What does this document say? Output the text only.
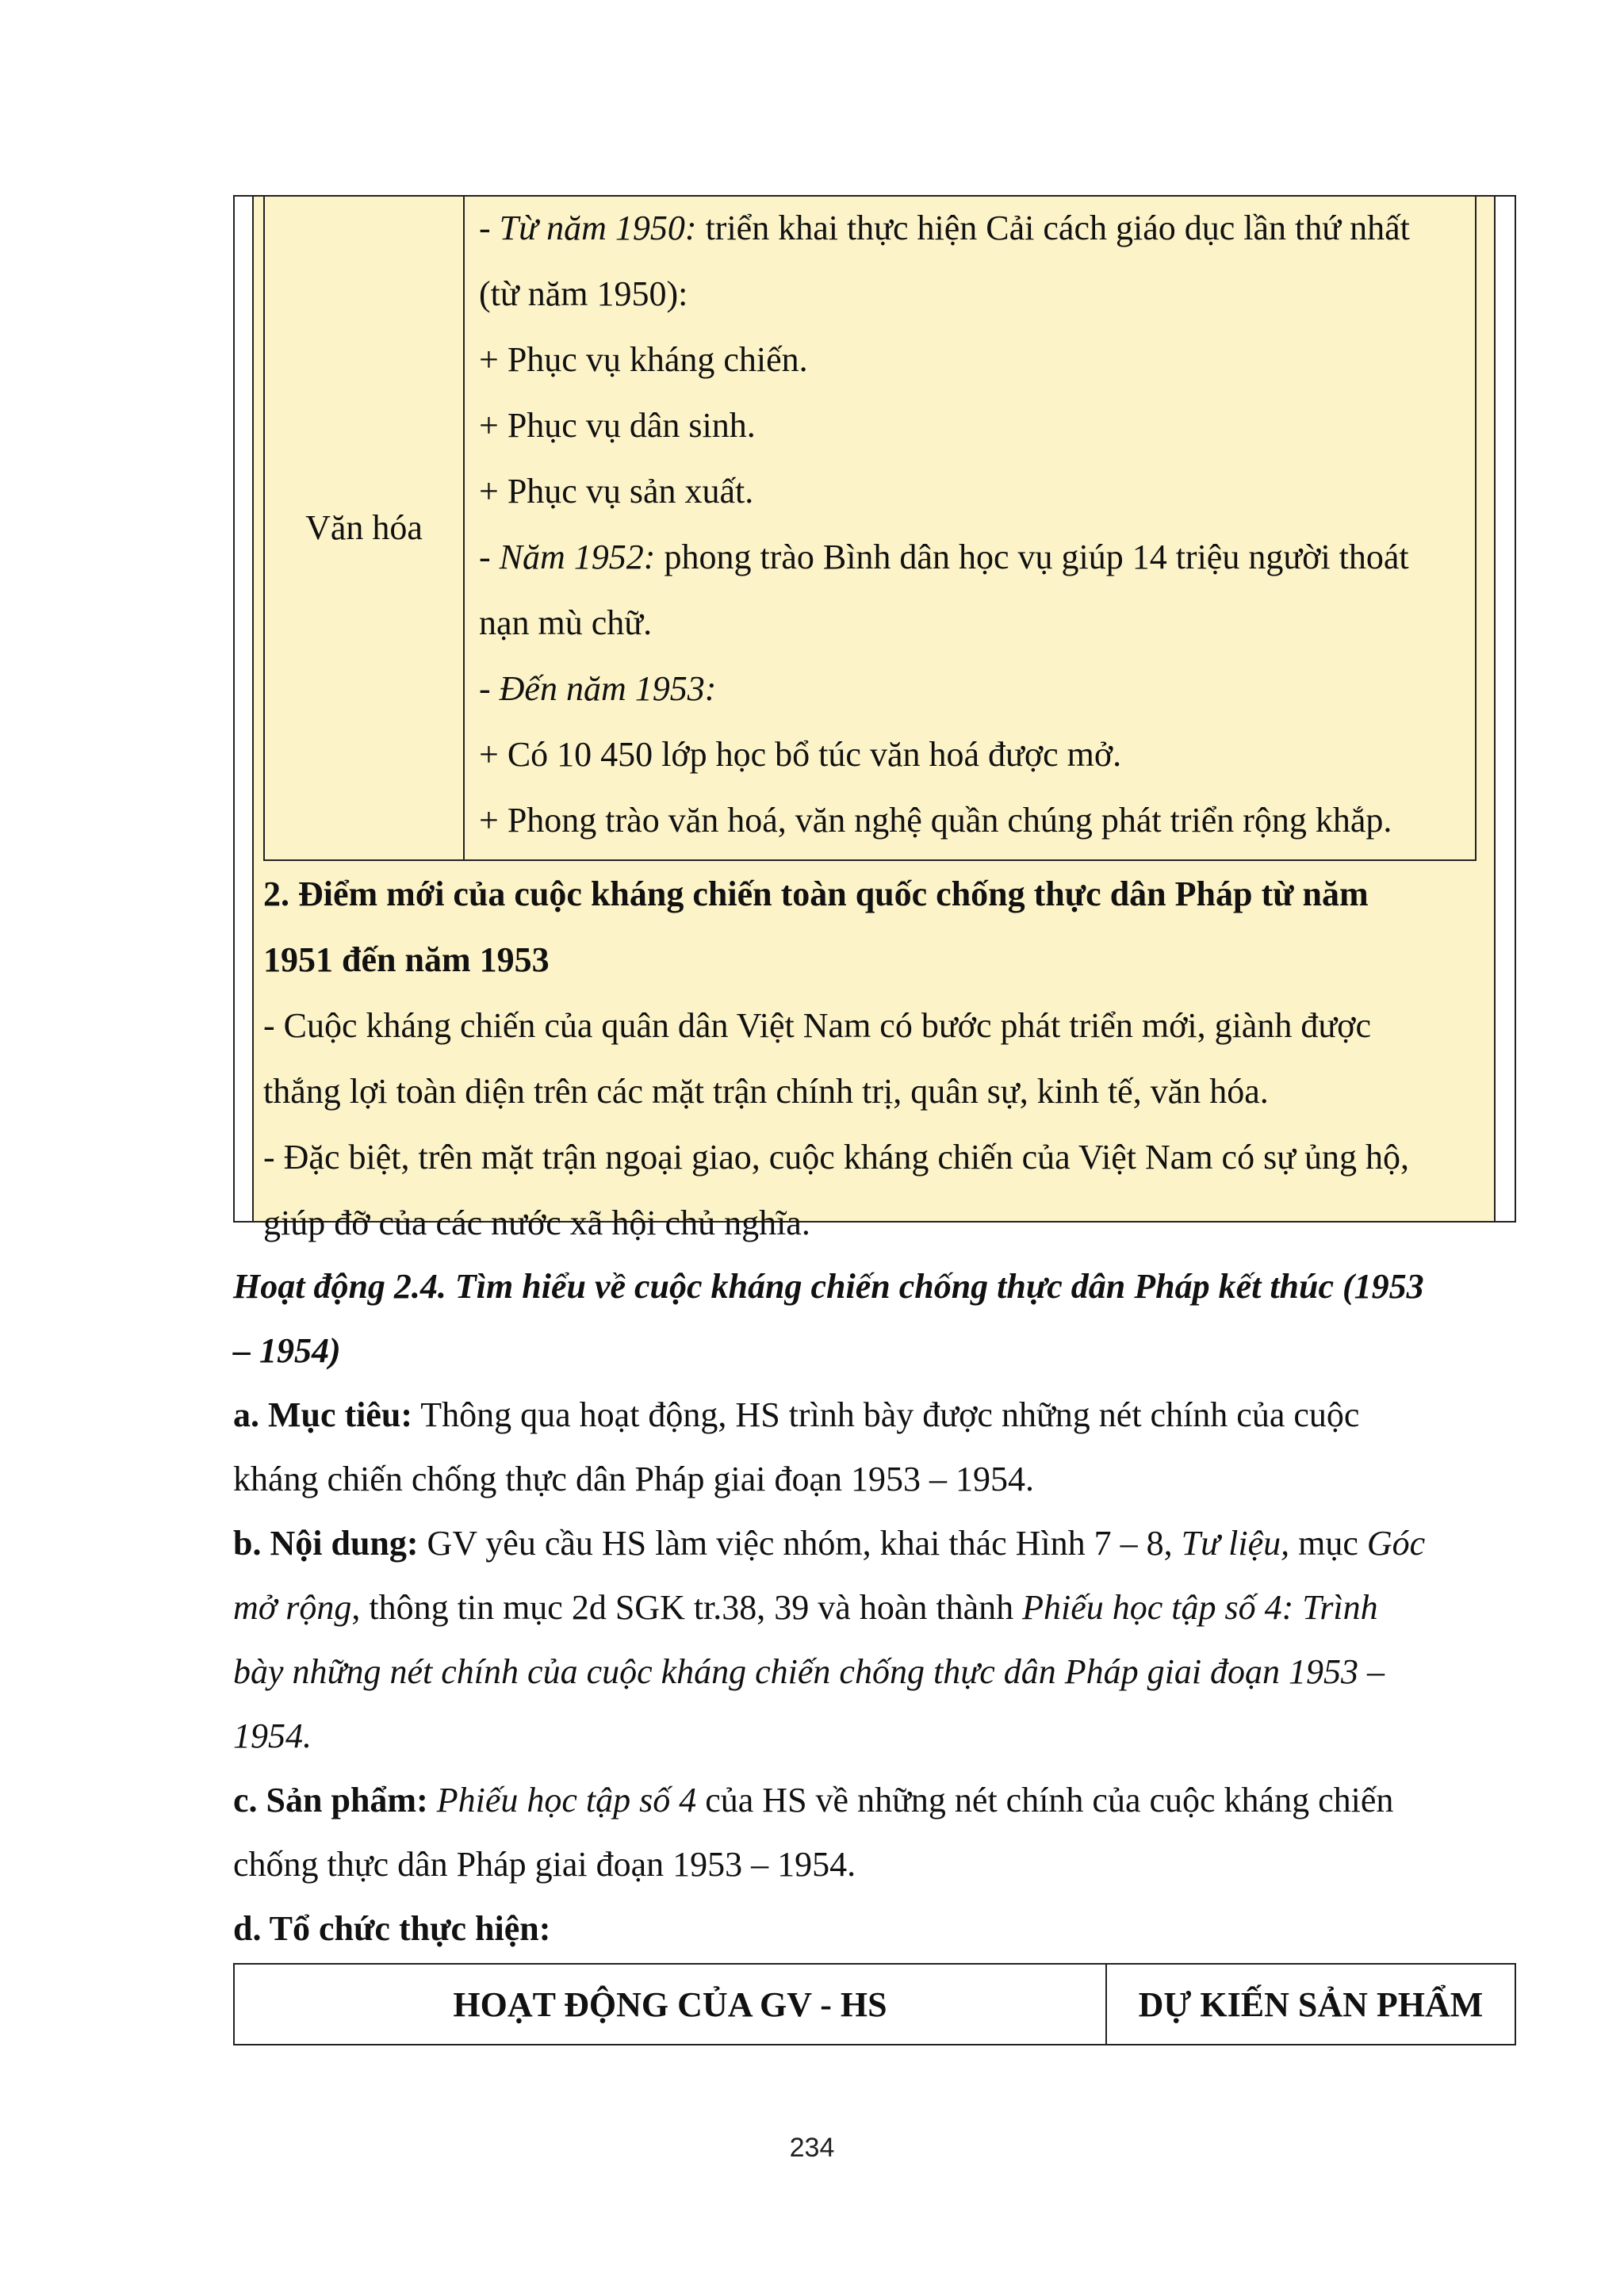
Văn hóa
- Từ năm 1950: triển khai thực hiện Cải cách giáo dục lần thứ nhất
(từ năm 1950):
+ Phục vụ kháng chiến.
+ Phục vụ dân sinh.
+ Phục vụ sản xuất.
- Năm 1952: phong trào Bình dân học vụ giúp 14 triệu người thoát
nạn mù chữ.
- Đến năm 1953:
+ Có 10 450 lớp học bổ túc văn hoá được mở.
+ Phong trào văn hoá, văn nghệ quần chúng phát triển rộng khắp.
2. Điểm mới của cuộc kháng chiến toàn quốc chống thực dân Pháp từ năm
1951 đến năm 1953
- Cuộc kháng chiến của quân dân Việt Nam có bước phát triển mới, giành được
thắng lợi toàn diện trên các mặt trận chính trị, quân sự, kinh tế, văn hóa.
- Đặc biệt, trên mặt trận ngoại giao, cuộc kháng chiến của Việt Nam có sự ủng hộ,
giúp đỡ của các nước xã hội chủ nghĩa.
Hoạt động 2.4. Tìm hiểu về cuộc kháng chiến chống thực dân Pháp kết thúc (1953
– 1954)
a. Mục tiêu: Thông qua hoạt động, HS trình bày được những nét chính của cuộc
kháng chiến chống thực dân Pháp giai đoạn 1953 – 1954.
b. Nội dung: GV yêu cầu HS làm việc nhóm, khai thác Hình 7 – 8, Tư liệu, mục Góc
mở rộng, thông tin mục 2d SGK tr.38, 39 và hoàn thành Phiếu học tập số 4: Trình
bày những nét chính của cuộc kháng chiến chống thực dân Pháp giai đoạn 1953 –
1954.
c. Sản phẩm: Phiếu học tập số 4 của HS về những nét chính của cuộc kháng chiến
chống thực dân Pháp giai đoạn 1953 – 1954.
d. Tổ chức thực hiện:
HOẠT ĐỘNG CỦA GV - HS	DỰ KIẾN SẢN PHẨM
234
